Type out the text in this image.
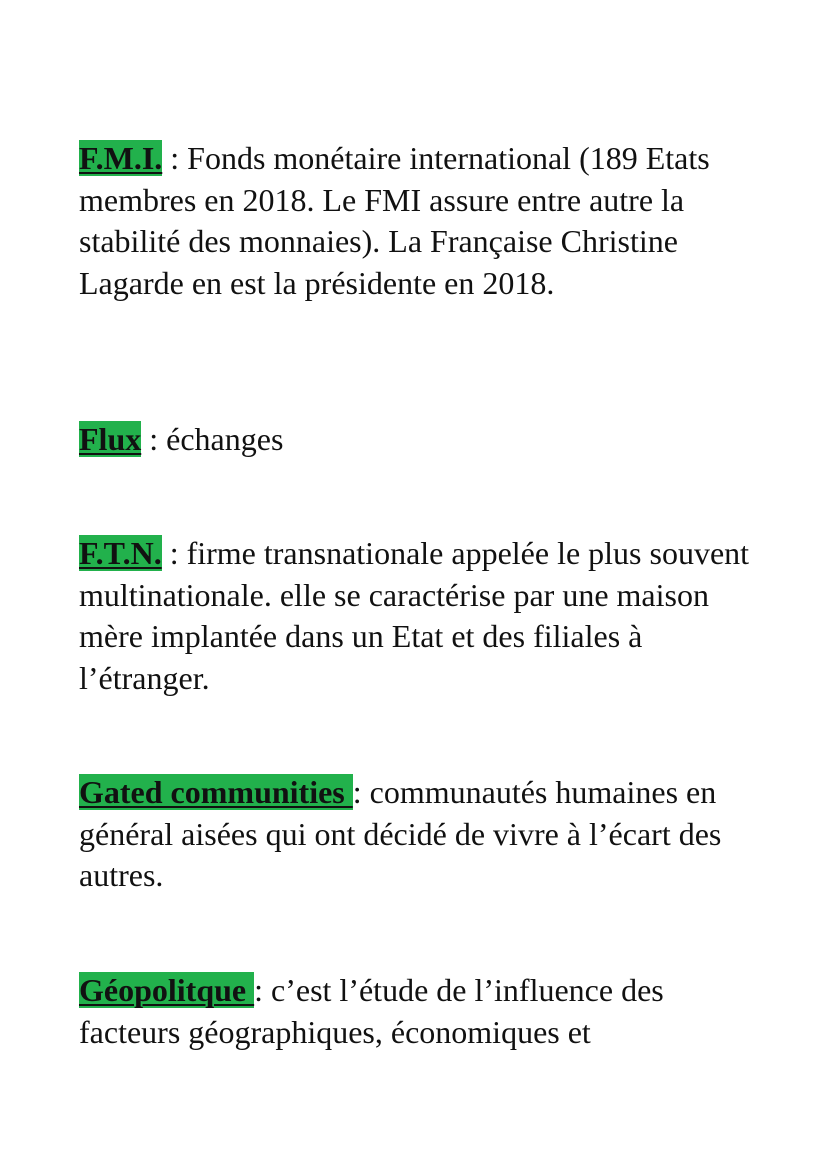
F.M.I. : Fonds monétaire international (189 Etats membres en 2018. Le FMI assure entre autre la stabilité des monnaies). La Française Christine Lagarde en est la présidente en 2018.

Flux : échanges

F.T.N. : firme transnationale appelée le plus souvent multinationale. elle se caractérise par une maison mère implantée dans un Etat et des filiales à l’étranger.

Gated communities : communautés humaines en général aisées qui ont décidé de vivre à l’écart des autres.

Géopolitque : c’est l’étude de l’influence des facteurs géographiques, économiques et
